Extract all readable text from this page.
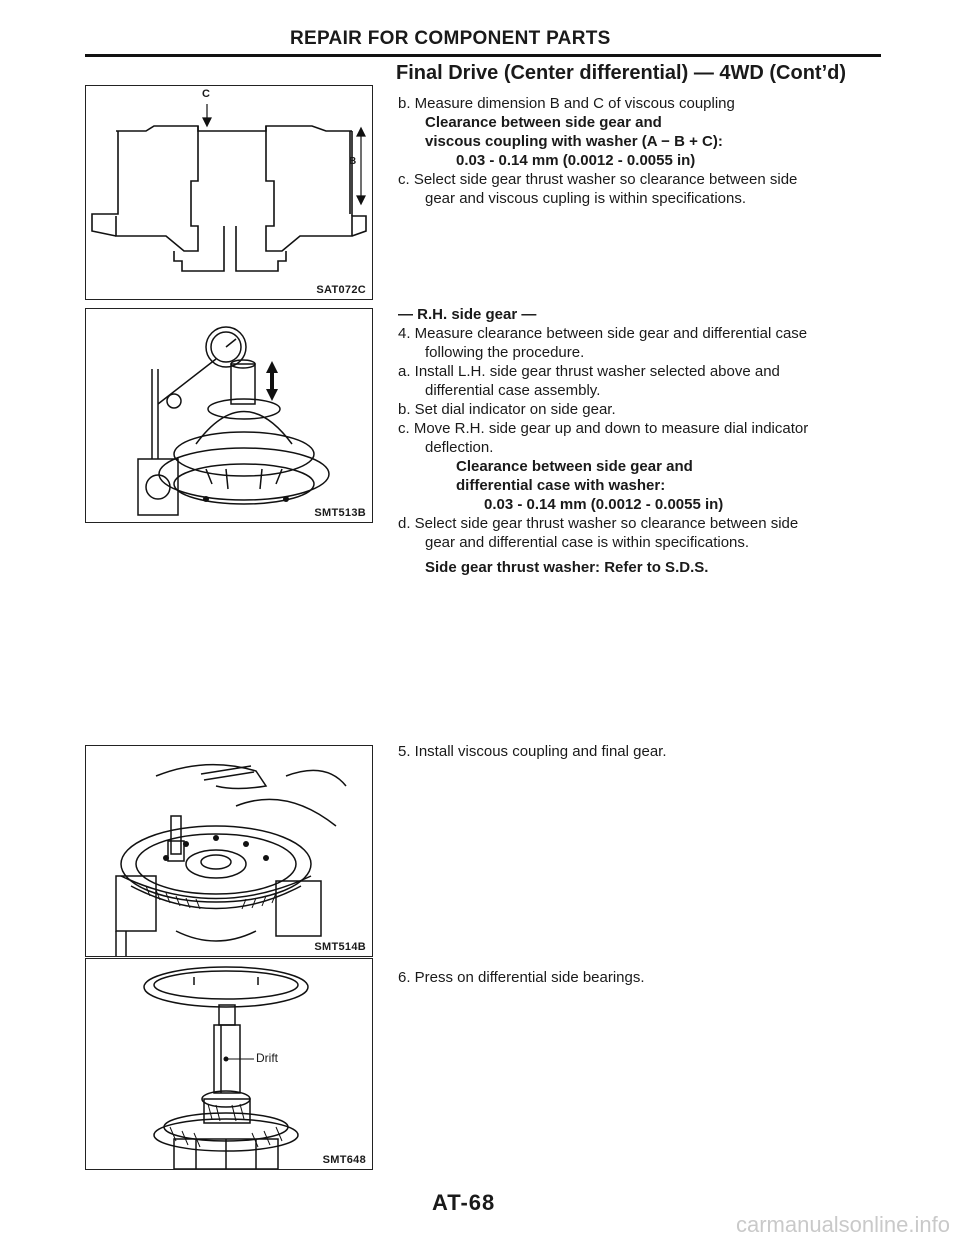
REPAIR FOR COMPONENT PARTS
Final Drive (Center differential) — 4WD (Cont’d)
C
B
SAT072C
SMT513B
SMT514B
Drift
SMT648
b. Measure dimension B and C of viscous coupling
Clearance between side gear and
viscous coupling with washer (A − B + C):
0.03 - 0.14 mm (0.0012 - 0.0055 in)
c. Select side gear thrust washer so clearance between side
gear and viscous cupling is within specifications.
— R.H. side gear —
4. Measure clearance between side gear and differential case
following the procedure.
a. Install L.H. side gear thrust washer selected above and
differential case assembly.
b. Set dial indicator on side gear.
c. Move R.H. side gear up and down to measure dial indicator
deflection.
Clearance between side gear and
differential case with washer:
0.03 - 0.14 mm (0.0012 - 0.0055 in)
d. Select side gear thrust washer so clearance between side
gear and differential case is within specifications.
Side gear thrust washer: Refer to S.D.S.
5. Install viscous coupling and final gear.
6. Press on differential side bearings.
AT-68
carmanualsonline.info
